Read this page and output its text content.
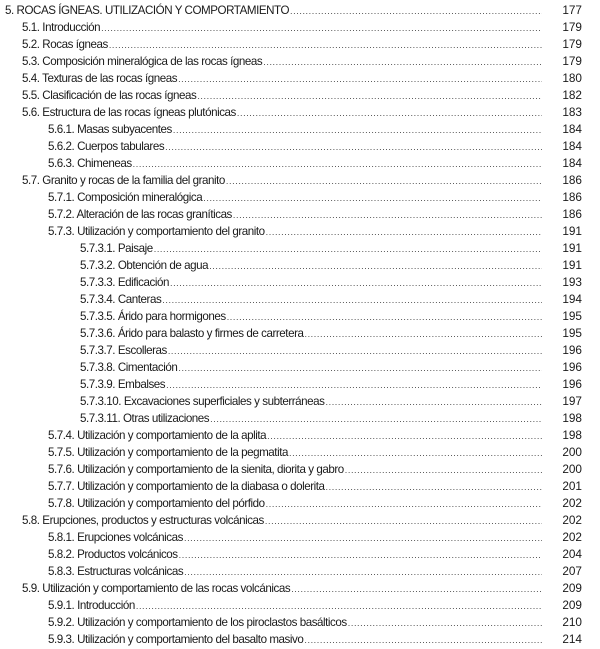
5. ROCAS ÍGNEAS. UTILIZACIÓN Y COMPORTAMIENTO .....	177
5.1. Introducción .....	179
5.2. Rocas ígneas .....	179
5.3. Composición mineralógica de las rocas ígneas .....	179
5.4. Texturas de las rocas ígneas .....	180
5.5. Clasificación de las rocas ígneas .....	182
5.6. Estructura de las rocas ígneas plutónicas .....	183
5.6.1. Masas subyacentes .....	184
5.6.2. Cuerpos tabulares .....	184
5.6.3. Chimeneas .....	184
5.7. Granito y rocas de la familia del granito .....	186
5.7.1. Composición mineralógica .....	186
5.7.2. Alteración de las rocas graníticas .....	186
5.7.3. Utilización y comportamiento del granito .....	191
5.7.3.1. Paisaje .....	191
5.7.3.2. Obtención de agua .....	191
5.7.3.3. Edificación .....	193
5.7.3.4. Canteras .....	194
5.7.3.5. Árido para hormigones .....	195
5.7.3.6. Árido para balasto y firmes de carretera .....	195
5.7.3.7. Escolleras .....	196
5.7.3.8. Cimentación .....	196
5.7.3.9. Embalses .....	196
5.7.3.10. Excavaciones superficiales y subterráneas .....	197
5.7.3.11. Otras utilizaciones .....	198
5.7.4. Utilización y comportamiento de la aplita .....	198
5.7.5. Utilización y comportamiento de la pegmatita .....	200
5.7.6. Utilización y comportamiento de la sienita, diorita y gabro .....	200
5.7.7. Utilización y comportamiento de la diabasa o dolerita .....	201
5.7.8. Utilización y comportamiento del pórfido .....	202
5.8. Erupciones, productos y estructuras volcánicas .....	202
5.8.1. Erupciones volcánicas .....	202
5.8.2. Productos volcánicos .....	204
5.8.3. Estructuras volcánicas .....	207
5.9. Utilización y comportamiento de las rocas volcánicas .....	209
5.9.1. Introducción .....	209
5.9.2. Utilización y comportamiento de los piroclastos basálticos .....	210
5.9.3. Utilización y comportamiento del basalto masivo .....	214
